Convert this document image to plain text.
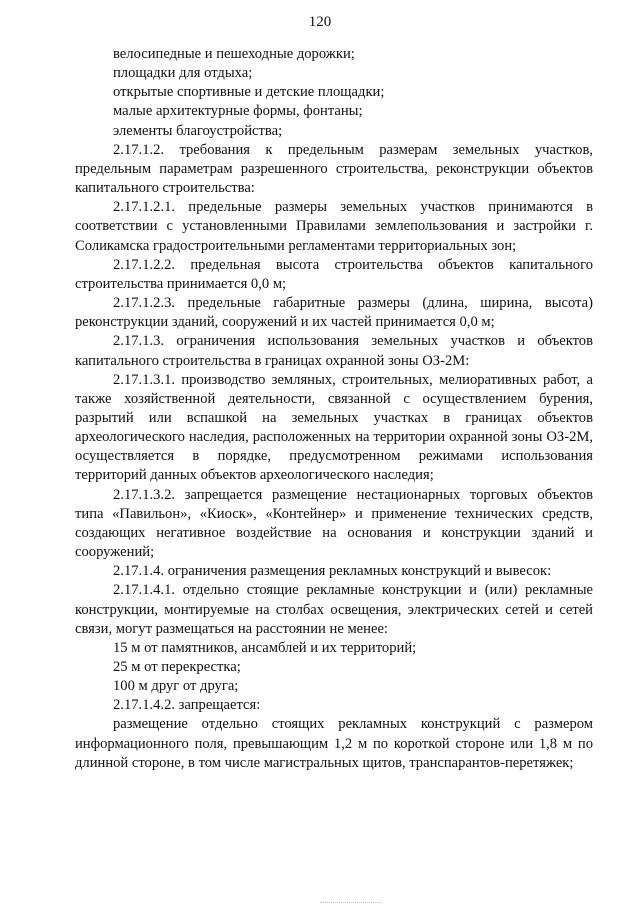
120

велосипедные и пешеходные дорожки;

площадки для отдыха;

открытые спортивные и детские площадки;

малые архитектурные формы, фонтаны;

элементы благоустройства;

2.17.1.2. требования к предельным размерам земельных участков, предельным параметрам разрешенного строительства, реконструкции объектов капитального строительства:

2.17.1.2.1. предельные размеры земельных участков принимаются в соответствии с установленными Правилами землепользования и застройки г. Соликамска градостроительными регламентами территориальных зон;

2.17.1.2.2. предельная высота строительства объектов капитального строительства принимается 0,0 м;

2.17.1.2.3. предельные габаритные размеры (длина, ширина, высота) реконструкции зданий, сооружений и их частей принимается 0,0 м;

2.17.1.3. ограничения использования земельных участков и объектов капитального строительства в границах охранной зоны ОЗ-2М:

2.17.1.3.1. производство земляных, строительных, мелиоративных работ, а также хозяйственной деятельности, связанной с осуществлением бурения, разрытий или вспашкой на земельных участках в границах объектов археологического наследия, расположенных на территории охранной зоны ОЗ-2М, осуществляется в порядке, предусмотренном режимами использования территорий данных объектов археологического наследия;

2.17.1.3.2. запрещается размещение нестационарных торговых объектов типа «Павильон», «Киоск», «Контейнер» и применение технических средств, создающих негативное воздействие на основания и конструкции зданий и сооружений;

2.17.1.4. ограничения размещения рекламных конструкций и вывесок:

2.17.1.4.1. отдельно стоящие рекламные конструкции и (или) рекламные конструкции, монтируемые на столбах освещения, электрических сетей и сетей связи, могут размещаться на расстоянии не менее:

15 м от памятников, ансамблей и их территорий;

25 м от перекрестка;

100 м друг от друга;

2.17.1.4.2. запрещается:

размещение отдельно стоящих рекламных конструкций с размером информационного поля, превышающим 1,2 м по короткой стороне или 1,8 м по длинной стороне, в том числе магистральных щитов, транспарантов-перетяжек;
